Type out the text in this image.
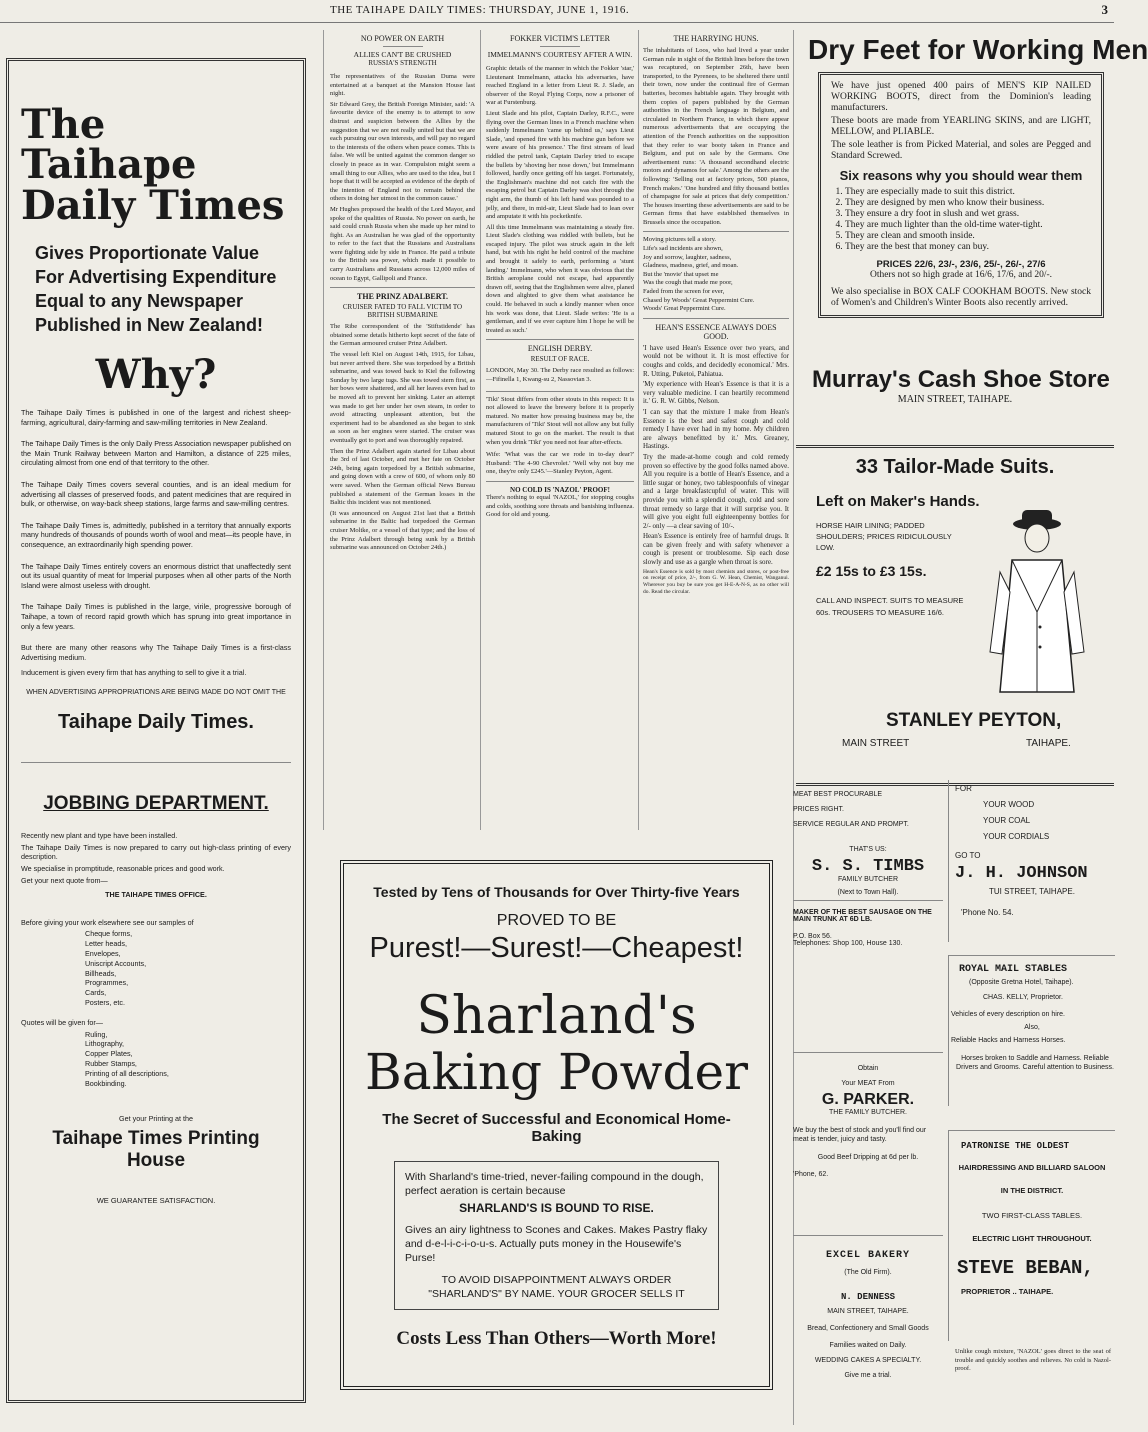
THE TAIHAPE DAILY TIMES: THURSDAY, JUNE 1, 1916.	3
The Taihape
Daily Times
Gives Proportionate Value
For Advertising Expenditure
Equal to any Newspaper
Published in New Zealand!
Why?

The Taihape Daily Times is published in one of the largest and richest sheep-farming, agricultural, dairy-farming and saw-milling territories in New Zealand.

The Taihape Daily Times is the only Daily Press Association newspaper published on the Main Trunk Railway between Marton and Hamilton, a distance of 225 miles, circulating almost from one end of that territory to the other.

The Taihape Daily Times covers several counties, and is an ideal medium for advertising all classes of preserved foods, and patent medicines that are required in bulk, or otherwise, on way-back sheep stations, large farms and saw-milling centres.

The Taihape Daily Times is, admittedly, published in a territory that annually exports many hundreds of thousands of pounds worth of wool and meat—its people have, in consequence, an extraordinarily high spending power.

The Taihape Daily Times entirely covers an enormous district that unaffectedly sent out its usual quantity of meat for Imperial purposes when all other parts of the North Island were almost useless with drought.

The Taihape Daily Times is published in the large, virile, progressive borough of Taihape, a town of record rapid growth which has sprung into great importance in only a few years.

But there are many other reasons why The Taihape Daily Times is a first-class Advertising medium.

Inducement is given every firm that has anything to sell to give it a trial.

WHEN ADVERTISING APPROPRIATIONS ARE BEING MADE DO NOT OMIT THE
Taihape Daily Times.
JOBBING DEPARTMENT.

Recently new plant and type have been installed.

The Taihape Daily Times is now prepared to carry out high-class printing of every description.

We specialise in promptitude, reasonable prices and good work.

Get your next quote from—

THE TAIHAPE TIMES OFFICE.

Before giving your work elsewhere see our samples of

Cheque forms,
Letter heads,
Envelopes,
Uniscript Accounts,
Billheads,
Programmes,
Cards,
Posters, etc.

Quotes will be given for—

Ruling,
Lithography,
Copper Plates,
Rubber Stamps,
Printing of all descriptions,
Bookbinding.

Get your Printing at the

Taihape Times Printing House
WE GUARANTEE SATISFACTION.
NO POWER ON EARTH
ALLIES CAN'T BE CRUSHED
RUSSIA'S STRENGTH

The representatives of the Russian Duma were entertained at a banquet at the Mansion House last night.

Sir Edward Grey, the British Foreign Minister, said: 'A favourite device of the enemy is to attempt to sow distrust and suspicion between the Allies by the suggestion that we are not really united but that we are each pursuing our own interests, and will pay no regard to the interests of the others when peace comes. This is false. We will be united against the common danger so closely in peace as in war. Compulsion might seem a small thing to our Allies, who are used to the idea, but I hope that it will be accepted as evidence of the depth of the intention of England not to remain behind the others in doing her utmost in the common cause.'

Mr Hughes proposed the health of the Lord Mayor, and spoke of the qualities of Russia. No power on earth, he said could crush Russia when she made up her mind to fight. As an Australian he was glad of the opportunity to refer to the fact that the Russians and Australians were fighting side by side in France. He paid a tribute to the British sea power, which made it possible to carry Australians and Russians across 12,000 miles of ocean to Egypt, Gallipoli and France.

THE PRINZ ADALBERT.
CRUISER FATED TO FALL VICTIM TO BRITISH SUBMARINE

The Ribe correspondent of the 'Stiftstidende' has obtained some details hitherto kept secret of the fate of the German armoured cruiser Prinz Adalbert.

The vessel left Kiel on August 14th, 1915, for Libau, but never arrived there. She was torpedoed by a British submarine, and was towed back to Kiel the following Sunday by two large tugs. She was towed stern first, as her bows were shattered, and all her leaves even had to be moved aft to prevent her sinking. Later an attempt was made to get her under her own steam, in order to avoid attracting unpleasant attention, but the experiment had to be abandoned as she began to sink as soon as her engines were started. The cruiser was eventually got to port and was thoroughly repaired.

Then the Prinz Adalbert again started for Libau about the 3rd of last October, and met her fate on October 24th, being again torpedoed by a British submarine, and going down with a crew of 600, of whom only 80 were saved. When the German official News Bureau published a statement of the German losses in the Baltic this incident was not mentioned.

(It was announced on August 21st last that a British submarine in the Baltic had torpedoed the German cruiser Moltke, or a vessel of that type; and the loss of the Prinz Adalbert through being sunk by a British submarine was announced on October 24th.)

FOKKER VICTIM'S LETTER
IMMELMANN'S COURTESY AFTER A WIN.

Graphic details of the manner in which the Fokker 'star,' Lieutenant Immelmann, attacks his adversaries, have reached England in a letter from Lieut R. J. Slade, an observer of the Royal Flying Corps, now a prisoner of war at Furstenburg.

Lieut Slade and his pilot, Captain Darley, R.F.C., were flying over the German lines in a French machine when suddenly Immelmann 'came up behind us,' says Lieut Slade, 'and opened fire with his machine gun before we were aware of his presence.' The first stream of lead riddled the petrol tank, Captain Darley tried to escape the bullets by 'shoving her nose down,' but Immelmann followed, hardly once getting off his target. Fortunately, the Englishman's machine did not catch fire with the escaping petrol but Captain Darley was shot through the right arm, the thumb of his left hand was pounded to a jelly, and there, in mid-air, Lieut Slade had to lean over and amputate it with his pocketknife.

All this time Immelmann was maintaining a steady fire. Lieut Slade's clothing was riddled with bullets, but he escaped injury. The pilot was struck again in the left hand, but with his right he held control of the machine and brought it safely to earth, performing a 'stunt landing.' Immelmann, who when it was obvious that the British aeroplane could not escape, had apparently drawn off, seeing that the Englishmen were alive, planed down and alighted to give them what assistance he could. He behaved in such a kindly manner when once his work was done, that Lieut. Slade writes: 'He is a gentleman, and if we ever capture him I hope he will be treated as such.'

ENGLISH DERBY.
RESULT OF RACE.
LONDON, May 30. The Derby race resulted as follows:—Fifinella 1, Kwang-su 2, Nassovian 3.
'Tiki' Stout differs from other stouts in this respect: It is not allowed to leave the brewery before it is properly matured. No matter how pressing business may be, the manufacturers of 'Tiki' Stout will not allow any but fully matured Stout to go on the market. The result is that when you drink 'Tiki' you need not fear after-effects.
Wife: 'What was the car we rode in to-day dear?' Husband: 'The 4-90 Chevrolet.' 'Well why not buy me one, they're only £245.'—Stanley Peyton, Agent.
NO COLD IS 'NAZOL' PROOF!
There's nothing to equal 'NAZOL,' for stopping coughs and colds, soothing sore throats and banishing influenza. Good for old and young.
THE HARRYING HUNS.

The inhabitants of Loos, who had lived a year under German rule in sight of the British lines before the town was recaptured, on September 26th, have been transported, to the Pyrenees, to be sheltered there until their town, now under the continual fire of German batteries, becomes habitable again. They brought with them copies of papers published by the German authorities in the French language in Belgium, and circulated in Northern France, in which there appear numerous advertisements that are occupying the attention of the French authorities on the supposition that they refer to war booty taken in France and Belgium, and put on sale by the Germans. One advertisement runs: 'A thousand secondhand electric motors and dynamos for sale.' Among the others are the following: 'Selling out at factory prices, 500 pianos, French makes.' 'One hundred and fifty thousand bottles of champagne for sale at prices that defy competition.' The houses inserting these advertisements are said to be German firms that have established themselves in Brussels since the occupation.

Moving pictures tell a story.
Life's sad incidents are shown,
Joy and sorrow, laughter, sadness,
Gladness, madness, grief, and moan.
But the 'movie' that upset me
Was the cough that made me poor,
Faded from the screen for ever,
Chased by Woods' Great Peppermint Cure.
Woods' Great Peppermint Cure.
HEAN'S ESSENCE ALWAYS DOES GOOD.

'I have used Hean's Essence over two years, and would not be without it. It is most effective for coughs and colds, and decidedly economical.' Mrs. R. Utting, Puketoi, Pahiatua.

'My experience with Hean's Essence is that it is a very valuable medicine. I can heartily recommend it.' G. R. W. Gibbs, Nelson.

'I can say that the mixture I make from Hean's Essence is the best and safest cough and cold remedy I have ever had in my home. My children are always benefitted by it.' Mrs. Greaney, Hastings.

Try the made-at-home cough and cold remedy proven so effective by the good folks named above. All you require is a bottle of Hean's Essence, and a little sugar or honey, two tablespoonfuls of vinegar and a large breakfastcupful of water. This will provide you with a splendid cough, cold and sore throat remedy so large that it will surprise you. It will give you eight full eighteenpenny bottles for 2/- only —a clear saving of 10/-.

Hean's Essence is entirely free of harmful drugs. It can be given freely and with safety whenever a cough is present or troublesome. Sip each dose slowly and use as a gargle when throat is sore.

Hean's Essence is sold by most chemists and stores, or post-free on receipt of price, 2/-, from G. W. Hean, Chemist, Wanganui. Wherever you buy be sure you get H-E-A-N-S, as no other will do. Read the circular.

Tested by Tens of Thousands for Over Thirty-five Years
PROVED TO BE
Purest!—Surest!—Cheapest!
Sharland's
Baking Powder
The Secret of Successful and Economical Home-Baking
With Sharland's time-tried, never-failing compound in the dough, perfect aeration is certain because
SHARLAND'S IS BOUND TO RISE.
Gives an airy lightness to Scones and Cakes. Makes Pastry flaky and d-e-l-i-c-i-o-u-s. Actually puts money in the Housewife's Purse!
TO AVOID DISAPPOINTMENT ALWAYS ORDER "SHARLAND'S" BY NAME. YOUR GROCER SELLS IT
Costs Less Than Others—Worth More!
Dry Feet for Working Men

We have just opened 400 pairs of MEN'S KIP NAILED WORKING BOOTS, direct from the Dominion's leading manufacturers.

These boots are made from YEARLING SKINS, and are LIGHT, MELLOW, and PLIABLE.

The sole leather is from Picked Material, and soles are Pegged and Standard Screwed.

Six reasons why you should wear them
1. They are especially made to suit this district.
2. They are designed by men who know their business.
3. They ensure a dry foot in slush and wet grass.
4. They are much lighter than the old-time water-tight.
5. They are clean and smooth inside.
6. They are the best that money can buy.
PRICES 22/6, 23/-, 23/6, 25/-, 26/-, 27/6
Others not so high grade at 16/6, 17/6, and 20/-.
We also specialise in BOX CALF COOKHAM BOOTS. New stock of Women's and Children's Winter Boots also recently arrived.
Murray's Cash Shoe Store
MAIN STREET, TAIHAPE.
33 Tailor-Made Suits.
Left on Maker's Hands.
HORSE HAIR LINING; PADDED SHOULDERS; PRICES RIDICULOUSLY LOW.
£2 15s to £3 15s.
CALL AND INSPECT. SUITS TO MEASURE 60s. TROUSERS TO MEASURE 16/6.
STANLEY PEYTON,
MAIN STREET	TAIHAPE.
MEAT BEST PROCURABLE
PRICES RIGHT.
SERVICE REGULAR AND PROMPT.
THAT'S US:
S. S. TIMBS
FAMILY BUTCHER
(Next to Town Hall).
MAKER OF THE BEST SAUSAGE ON THE MAIN TRUNK AT 6D LB.
P.O. Box 56.
Telephones: Shop 100, House 130.
Obtain
Your MEAT From
G. PARKER.
THE FAMILY BUTCHER.
We buy the best of stock and you'll find our meat is tender, juicy and tasty.
Good Beef Dripping at 6d per lb.
'Phone, 62.
EXCEL BAKERY
(The Old Firm).
N. DENNESS
MAIN STREET, TAIHAPE.
Bread, Confectionery and Small Goods
Families waited on Daily.
WEDDING CAKES A SPECIALTY.
Give me a trial.
FOR
YOUR WOOD
YOUR COAL
YOUR CORDIALS
GO TO
J. H. JOHNSON
TUI STREET, TAIHAPE.
'Phone No. 54.
ROYAL MAIL STABLES
(Opposite Gretna Hotel, Taihape).
CHAS. KELLY, Proprietor.
Vehicles of every description on hire.
Also,
Reliable Hacks and Harness Horses.
Horses broken to Saddle and Harness. Reliable Drivers and Grooms. Careful attention to Business.
PATRONISE THE OLDEST
HAIRDRESSING AND BILLIARD SALOON
IN THE DISTRICT.
TWO FIRST-CLASS TABLES.
ELECTRIC LIGHT THROUGHOUT.
STEVE BEBAN,
PROPRIETOR .. TAIHAPE.
Unlike cough mixture, 'NAZOL' goes direct to the seat of trouble and quickly soothes and relieves. No cold is Nazol-proof.
